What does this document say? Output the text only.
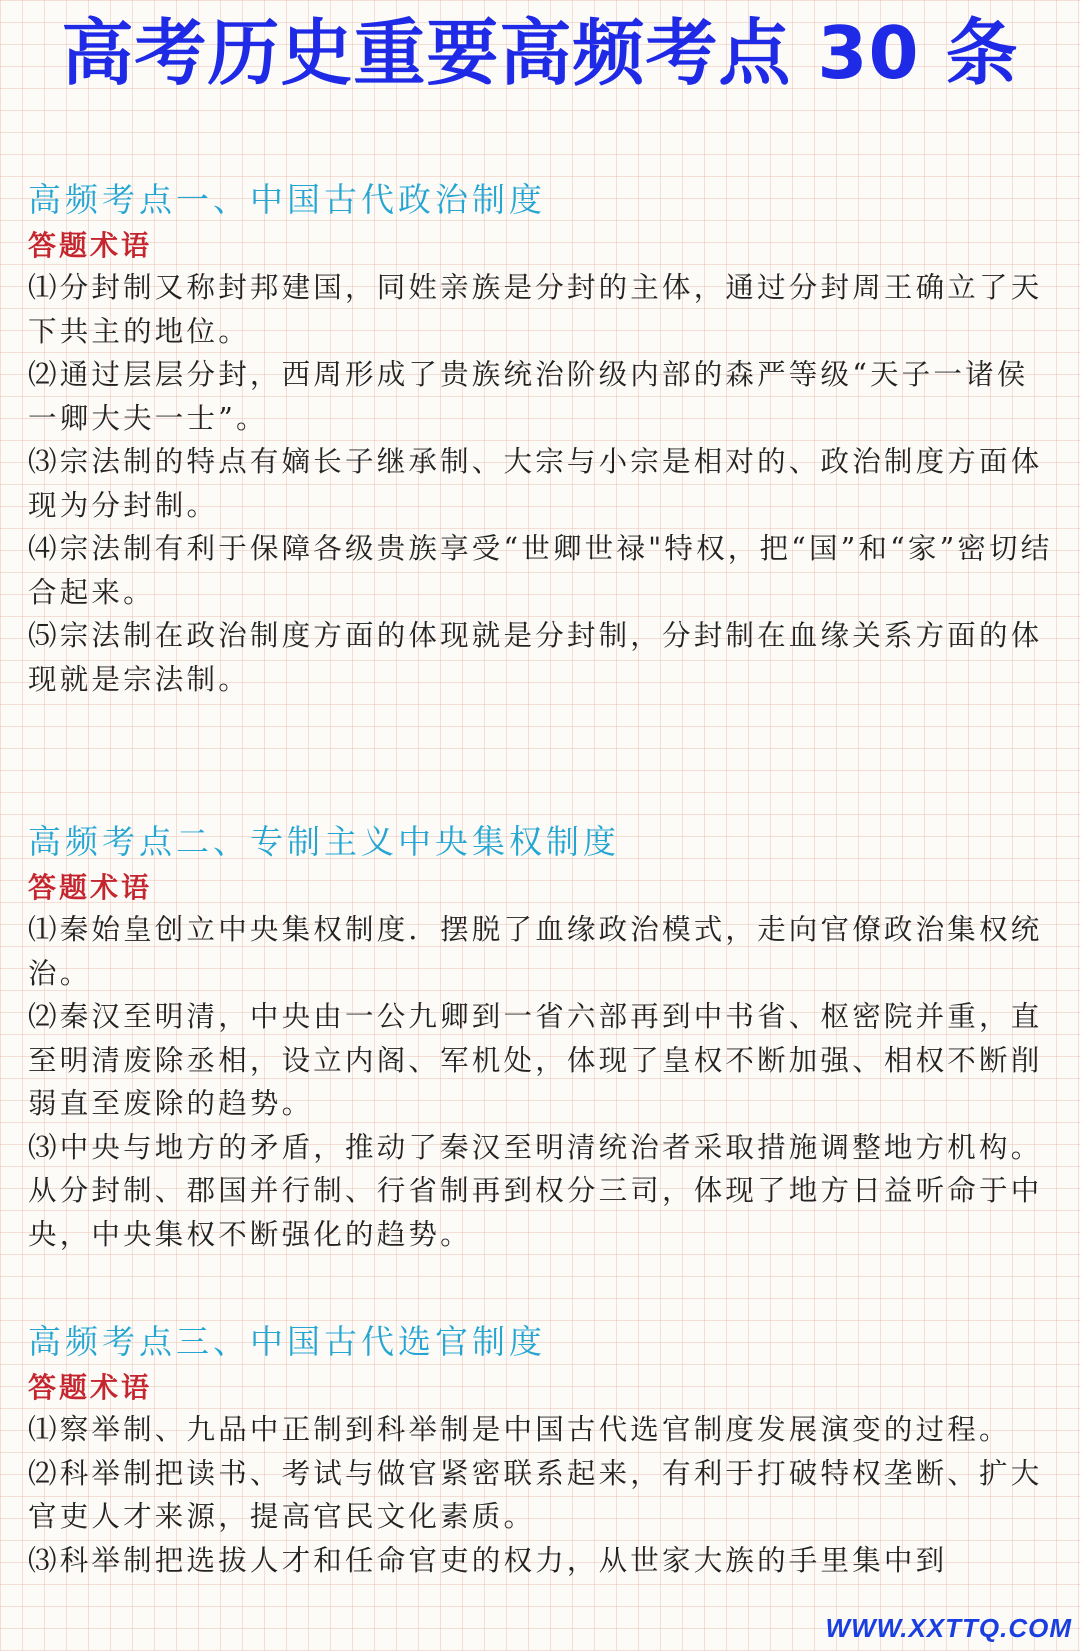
高考历史重要高频考点 30 条
高频考点一、中国古代政治制度
答题术语
⑴分封制又称封邦建国，同姓亲族是分封的主体，通过分封周王确立了天下共主的地位。
⑵通过层层分封，西周形成了贵族统治阶级内部的森严等级“天子一诸侯一卿大夫一士”。
⑶宗法制的特点有嫡长子继承制、大宗与小宗是相对的、政治制度方面体现为分封制。
⑷宗法制有利于保障各级贵族享受“世卿世禄"特权，把“国”和“家”密切结合起来。
⑸宗法制在政治制度方面的体现就是分封制，分封制在血缘关系方面的体现就是宗法制。
高频考点二、专制主义中央集权制度
答题术语
⑴秦始皇创立中央集权制度．摆脱了血缘政治模式，走向官僚政治集权统治。
⑵秦汉至明清，中央由一公九卿到一省六部再到中书省、枢密院并重，直至明清废除丞相，设立内阁、军机处，体现了皇权不断加强、相权不断削弱直至废除的趋势。
⑶中央与地方的矛盾，推动了秦汉至明清统治者采取措施调整地方机构。从分封制、郡国并行制、行省制再到权分三司，体现了地方日益听命于中央，中央集权不断强化的趋势。
高频考点三、中国古代选官制度
答题术语
⑴察举制、九品中正制到科举制是中国古代选官制度发展演变的过程。
⑵科举制把读书、考试与做官紧密联系起来，有利于打破特权垄断、扩大官吏人才来源，提高官民文化素质。
⑶科举制把选拔人才和任命官吏的权力，从世家大族的手里集中到
WWW.XXTTQ.COM
